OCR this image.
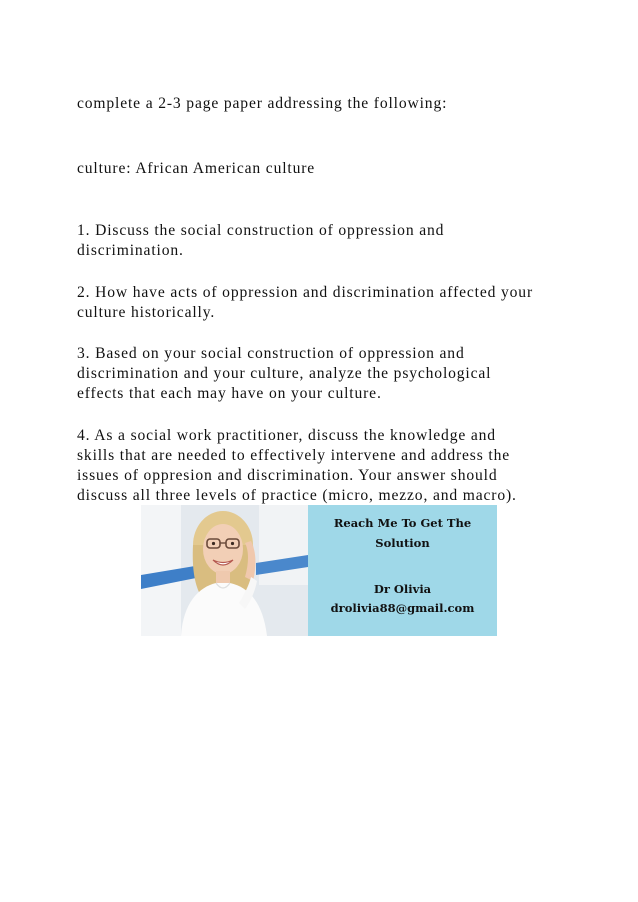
complete a 2-3 page paper addressing the following:
culture: African American culture
1. Discuss the social construction of oppression and
discrimination.
2. How have acts of oppression and discrimination affected your
culture historically.
3. Based on your social construction of oppression and
discrimination and your culture, analyze the psychological
effects that each may have on your culture.
4. As a social work practitioner, discuss the knowledge and
skills that are needed to effectively intervene and address the
issues of oppresion and discrimination. Your answer should
discuss all three levels of practice (micro, mezzo, and macro).
Reach Me To Get The
Solution
Dr Olivia
drolivia88@gmail.com
